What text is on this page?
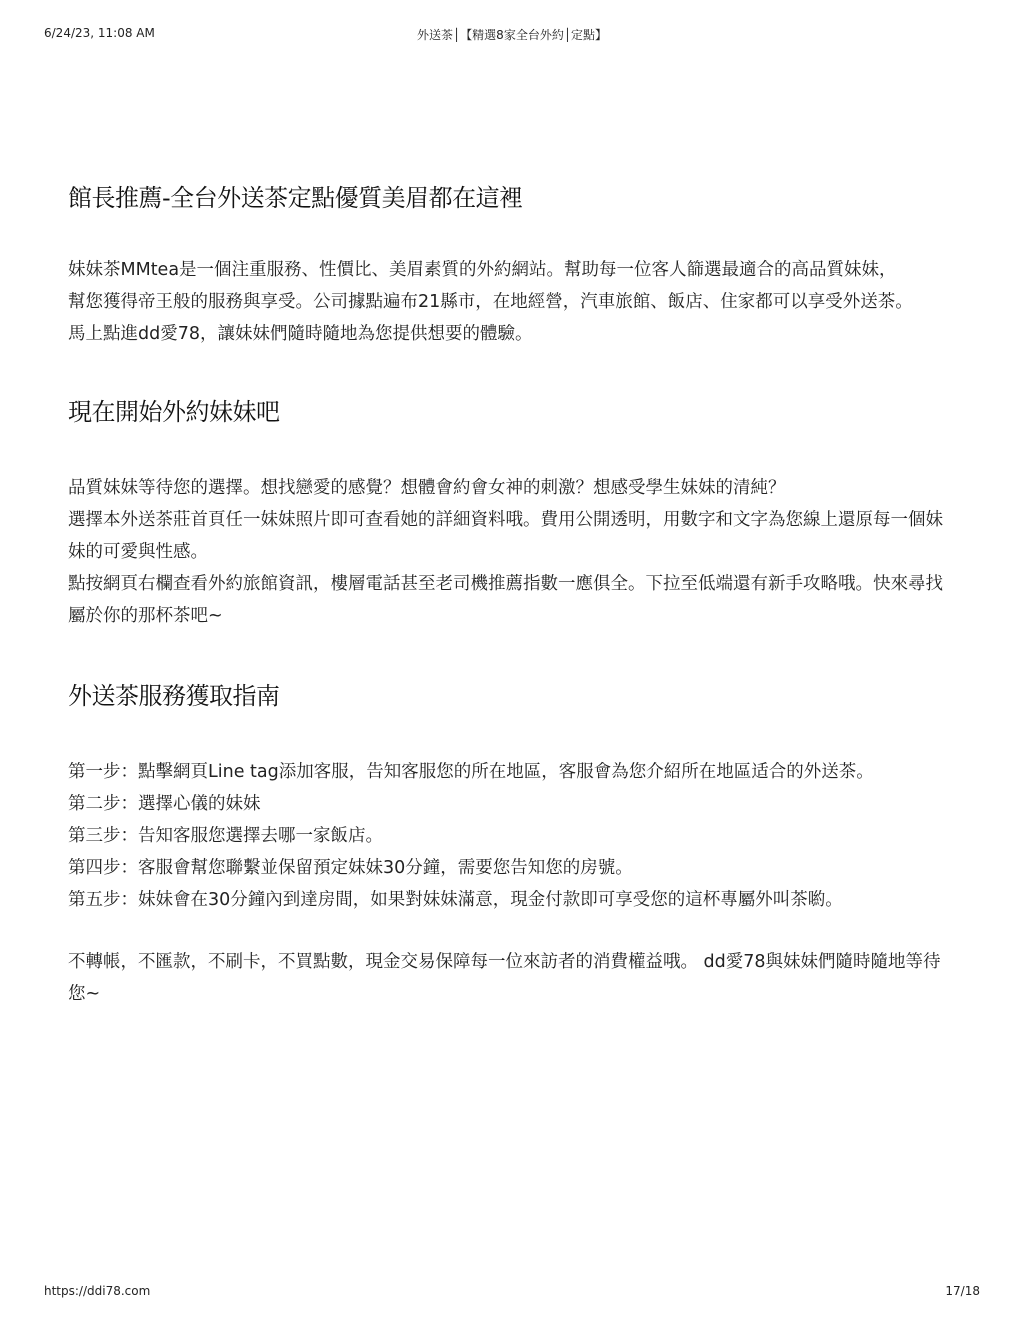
6/24/23, 11:08 AM	外送茶│【精選8家全台外約│定點】
館長推薦-全台外送茶定點優質美眉都在這裡
妹妹茶MMtea是一個注重服務、性價比、美眉素質的外約網站。幫助每一位客人篩選最適合的高品質妹妹，
幫您獲得帝王般的服務與享受。公司據點遍布21縣市，在地經營，汽車旅館、飯店、住家都可以享受外送茶。
馬上點進dd愛78，讓妹妹們隨時隨地為您提供想要的體驗。
現在開始外約妹妹吧
品質妹妹等待您的選擇。想找戀愛的感覺？想體會約會女神的刺激？想感受學生妹妹的清純？
選擇本外送茶莊首頁任一妹妹照片即可查看她的詳細資料哦。費用公開透明，用數字和文字為您線上還原每一個妹妹的可愛與性感。
點按網頁右欄查看外約旅館資訊，樓層電話甚至老司機推薦指數一應俱全。下拉至低端還有新手攻略哦。快來尋找屬於你的那杯茶吧~
外送茶服務獲取指南
第一步：點擊網頁Line tag添加客服，告知客服您的所在地區，客服會為您介紹所在地區适合的外送茶。
第二步：選擇心儀的妹妹
第三步：告知客服您選擇去哪一家飯店。
第四步：客服會幫您聯繫並保留預定妹妹30分鐘，需要您告知您的房號。
第五步：妹妹會在30分鐘內到達房間，如果對妹妹滿意，現金付款即可享受您的這杯專屬外叫茶喲。

不轉帳，不匯款，不刷卡，不買點數，現金交易保障每一位來訪者的消費權益哦。 dd愛78與妹妹們隨時隨地等待您~

https://ddi78.com	17/18
